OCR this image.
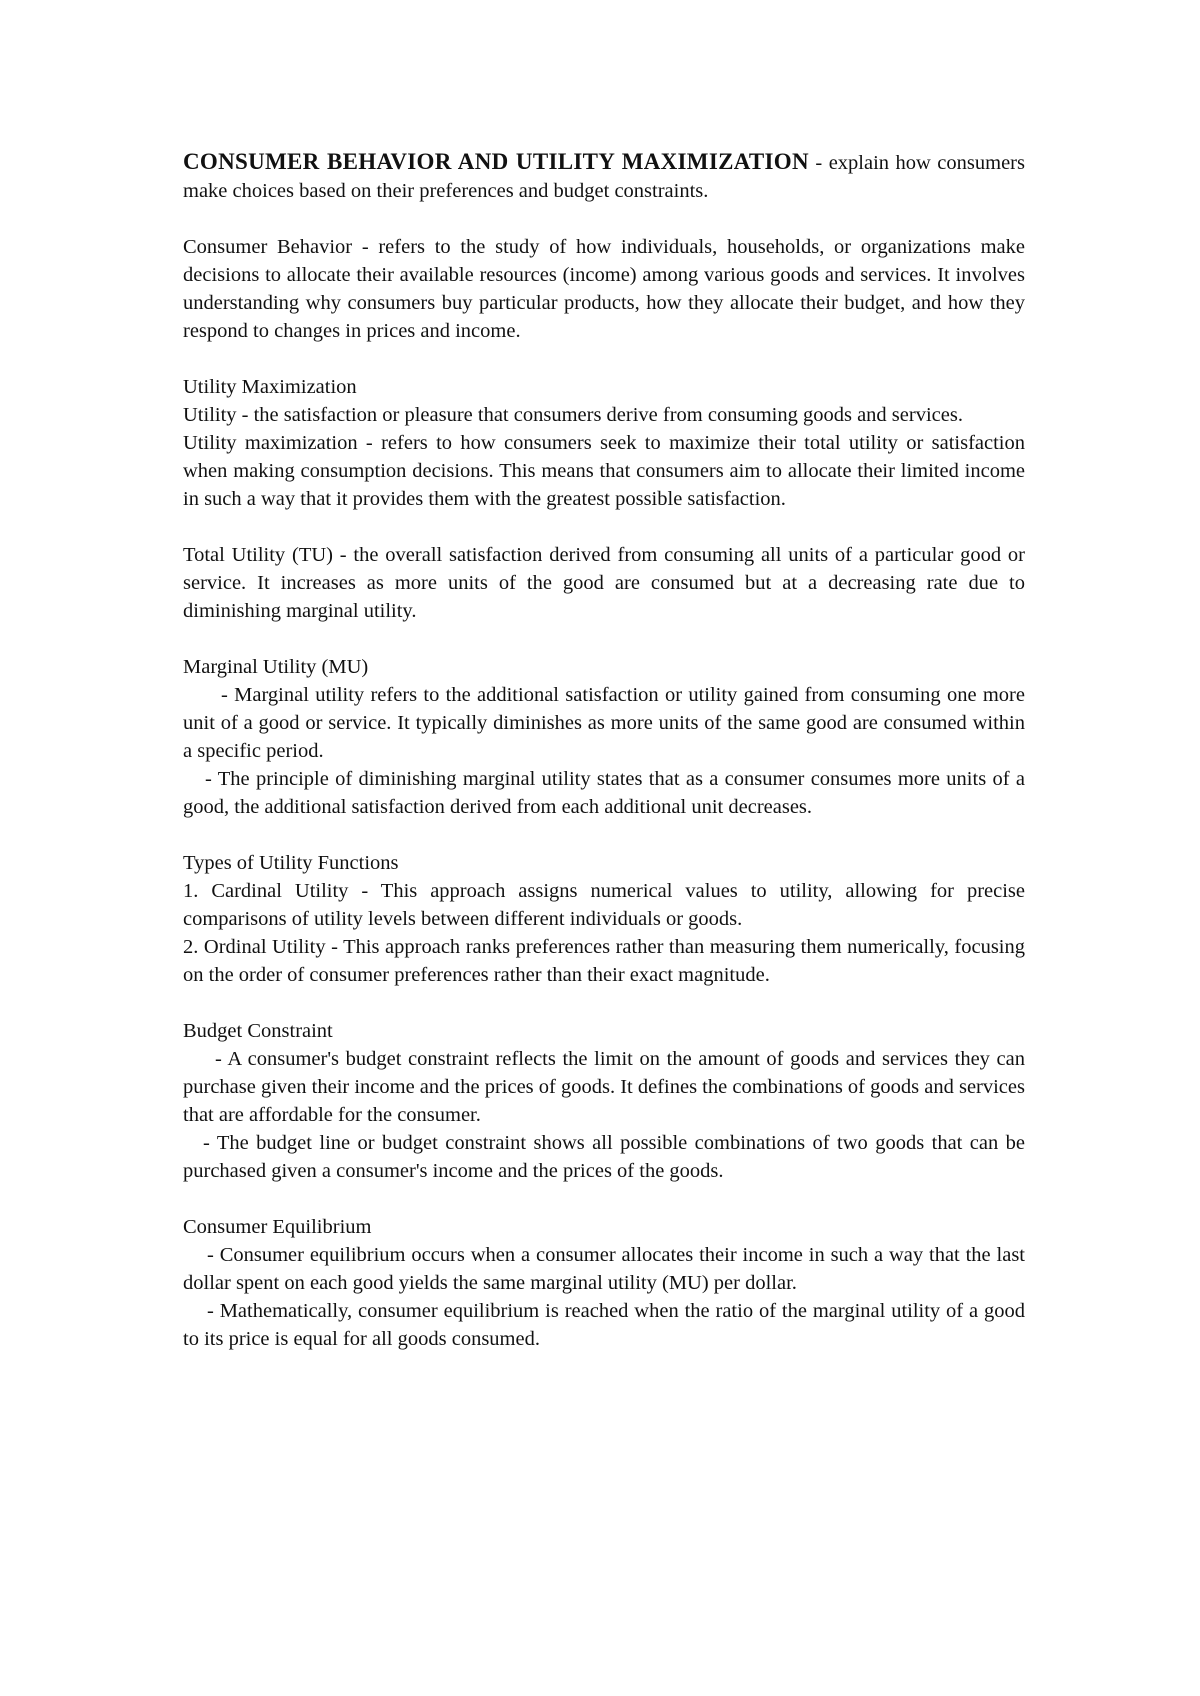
CONSUMER BEHAVIOR AND UTILITY MAXIMIZATION - explain how consumers make choices based on their preferences and budget constraints.

Consumer Behavior - refers to the study of how individuals, households, or organizations make decisions to allocate their available resources (income) among various goods and services. It involves understanding why consumers buy particular products, how they allocate their budget, and how they respond to changes in prices and income.

Utility Maximization

Utility - the satisfaction or pleasure that consumers derive from consuming goods and services.

Utility maximization - refers to how consumers seek to maximize their total utility or satisfaction when making consumption decisions. This means that consumers aim to allocate their limited income in such a way that it provides them with the greatest possible satisfaction.

Total Utility (TU) - the overall satisfaction derived from consuming all units of a particular good or service. It increases as more units of the good are consumed but at a decreasing rate due to diminishing marginal utility.

Marginal Utility (MU)

- Marginal utility refers to the additional satisfaction or utility gained from consuming one more unit of a good or service. It typically diminishes as more units of the same good are consumed within a specific period.

- The principle of diminishing marginal utility states that as a consumer consumes more units of a good, the additional satisfaction derived from each additional unit decreases.

Types of Utility Functions

1. Cardinal Utility - This approach assigns numerical values to utility, allowing for precise comparisons of utility levels between different individuals or goods.

2. Ordinal Utility - This approach ranks preferences rather than measuring them numerically, focusing on the order of consumer preferences rather than their exact magnitude.

Budget Constraint

- A consumer's budget constraint reflects the limit on the amount of goods and services they can purchase given their income and the prices of goods. It defines the combinations of goods and services that are affordable for the consumer.

- The budget line or budget constraint shows all possible combinations of two goods that can be purchased given a consumer's income and the prices of the goods.

Consumer Equilibrium

- Consumer equilibrium occurs when a consumer allocates their income in such a way that the last dollar spent on each good yields the same marginal utility (MU) per dollar.

- Mathematically, consumer equilibrium is reached when the ratio of the marginal utility of a good to its price is equal for all goods consumed.
